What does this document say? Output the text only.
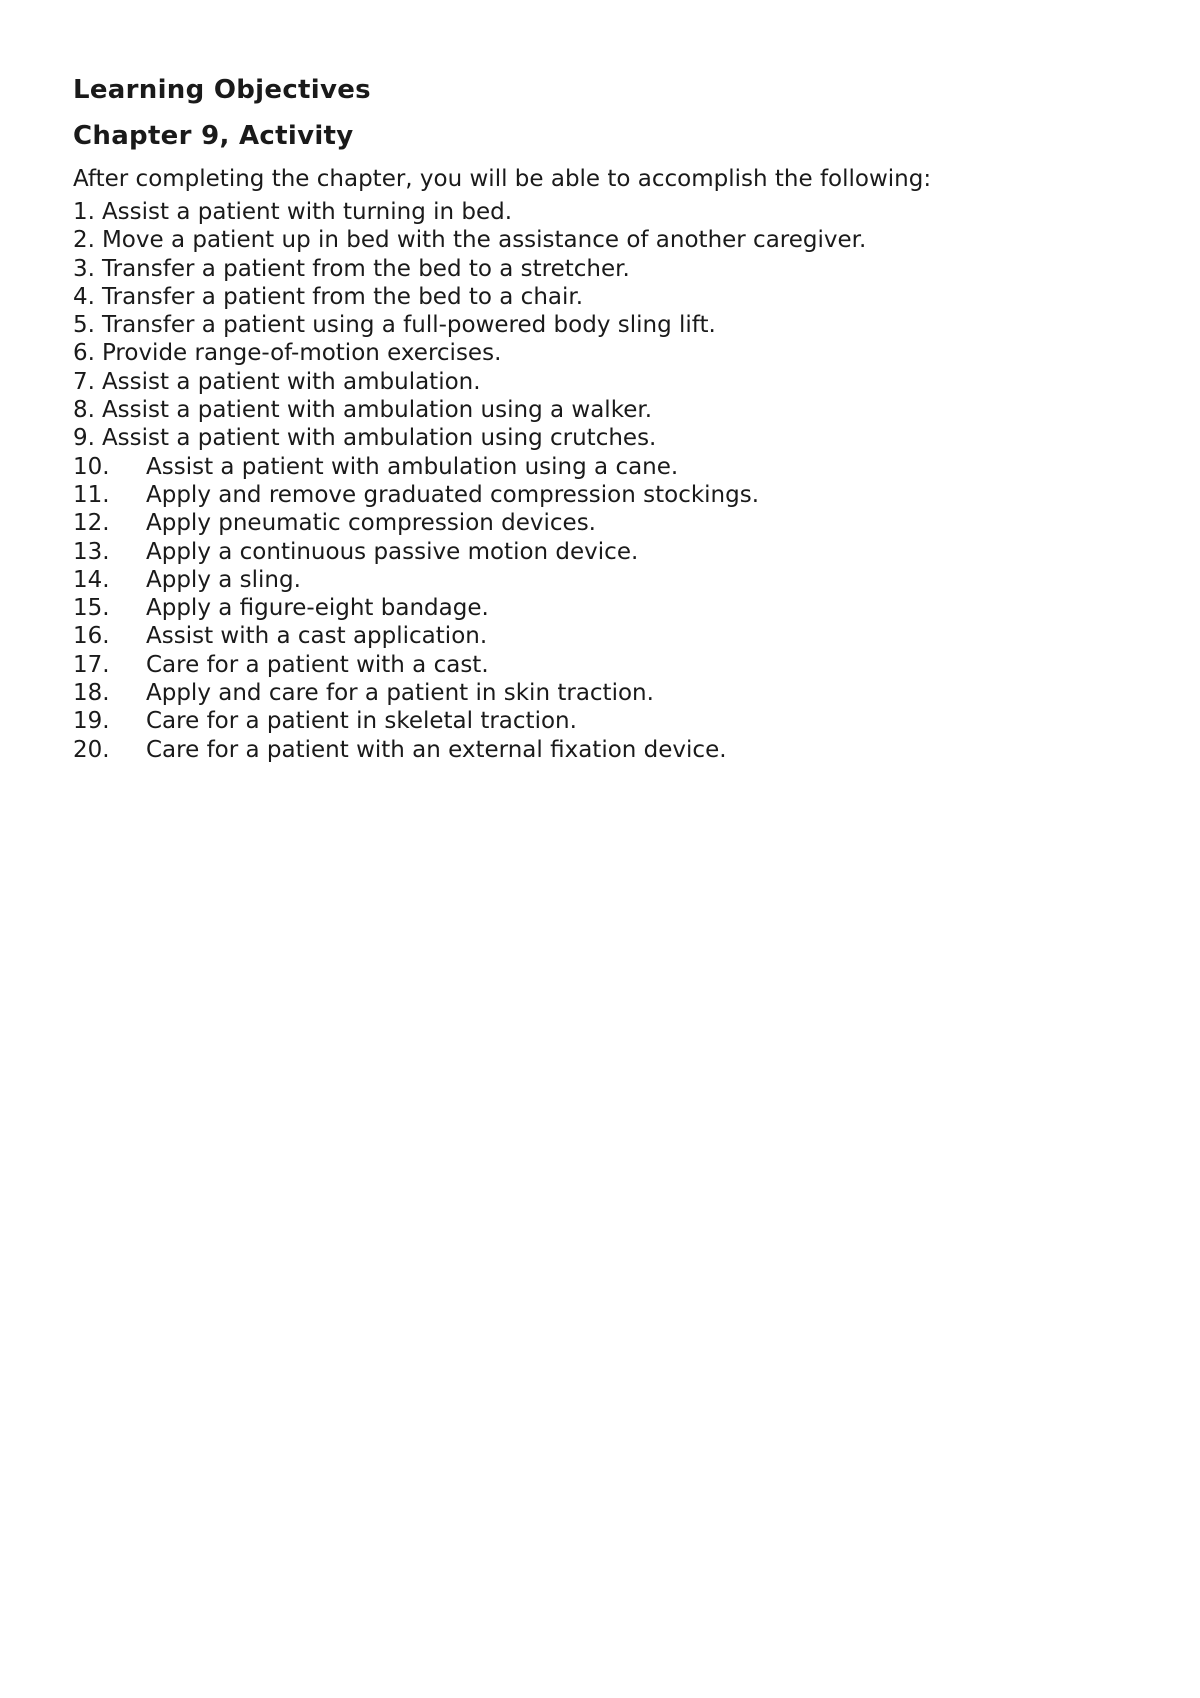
Learning Objectives
Chapter 9, Activity

After completing the chapter, you will be able to accomplish the following:

1. Assist a patient with turning in bed.
2. Move a patient up in bed with the assistance of another caregiver.
3. Transfer a patient from the bed to a stretcher.
4. Transfer a patient from the bed to a chair.
5. Transfer a patient using a full-powered body sling lift.
6. Provide range-of-motion exercises.
7. Assist a patient with ambulation.
8. Assist a patient with ambulation using a walker.
9. Assist a patient with ambulation using crutches.
10.	Assist a patient with ambulation using a cane.
11.	Apply and remove graduated compression stockings.
12.	Apply pneumatic compression devices.
13.	Apply a continuous passive motion device.
14.	Apply a sling.
15.	Apply a figure-eight bandage.
16.	Assist with a cast application.
17.	Care for a patient with a cast.
18.	Apply and care for a patient in skin traction.
19.	Care for a patient in skeletal traction.
20.	Care for a patient with an external fixation device.
